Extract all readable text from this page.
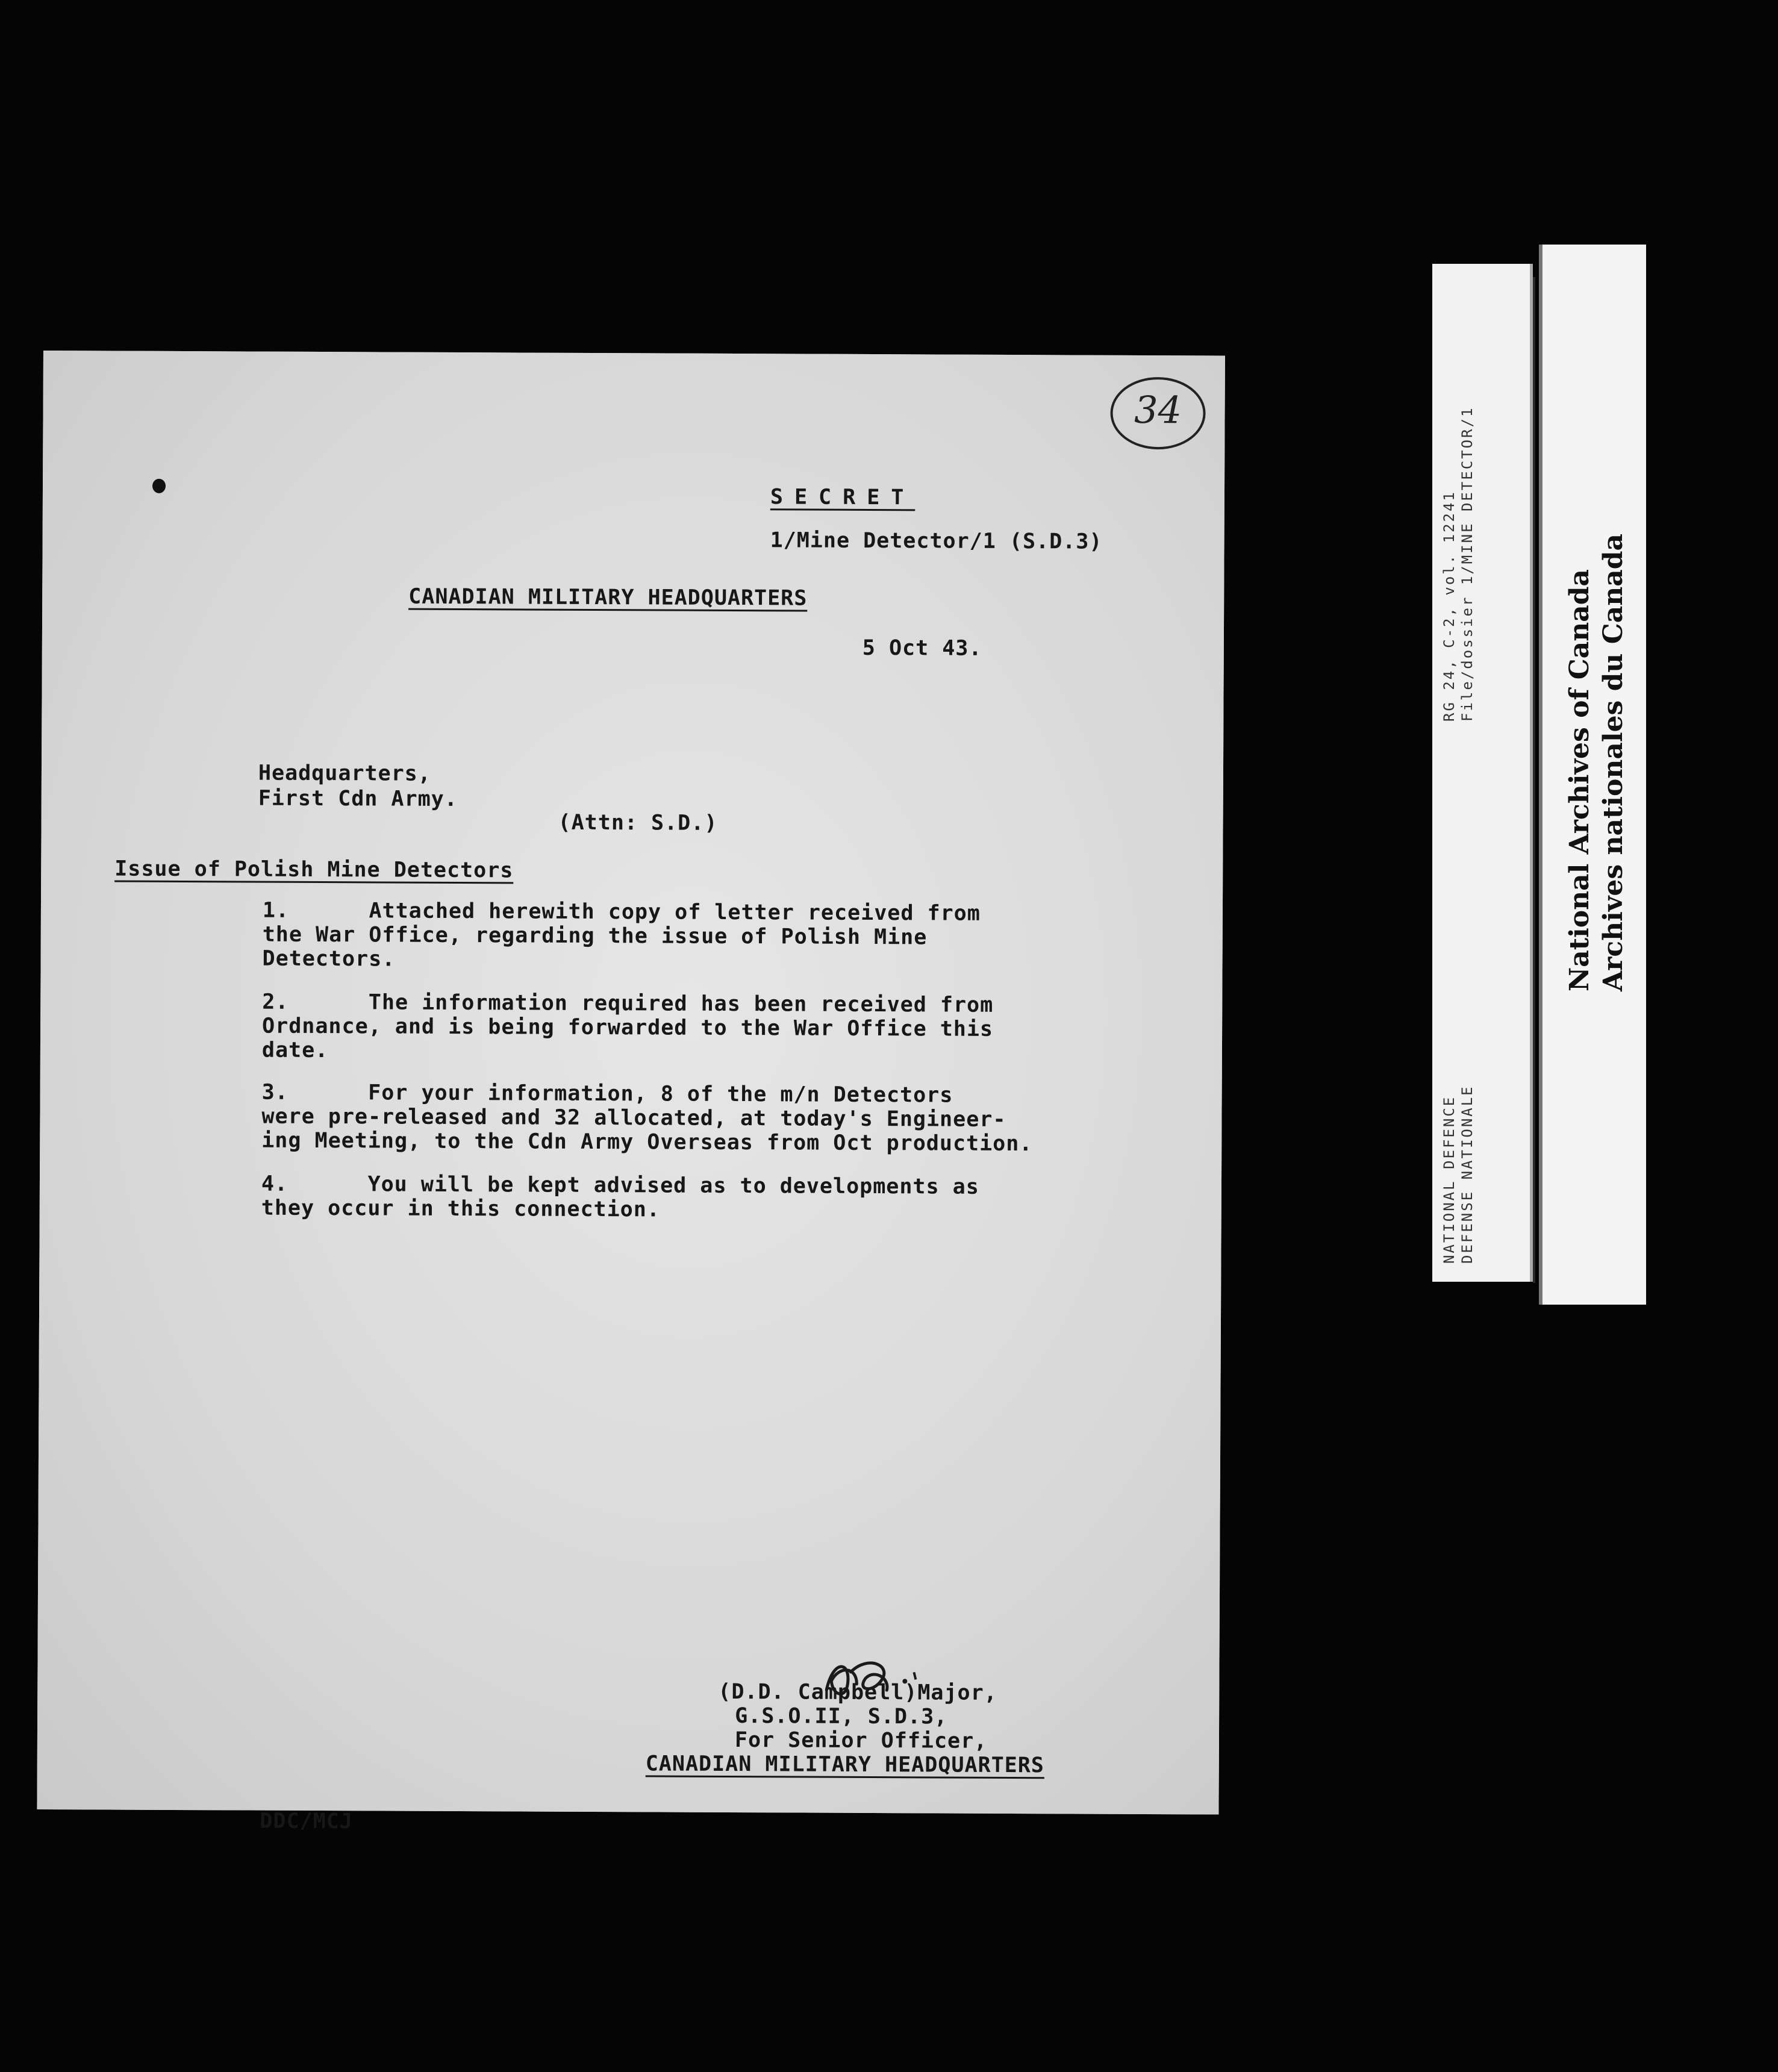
34
SECRET
1/Mine Detector/1 (S.D.3)
CANADIAN MILITARY HEADQUARTERS
5 Oct 43.
Headquarters,
First Cdn Army.
(Attn: S.D.)
Issue of Polish Mine Detectors
1.      Attached herewith copy of letter received from
the War Office, regarding the issue of Polish Mine
Detectors.
2.      The information required has been received from
Ordnance, and is being forwarded to the War Office this
date.
3.      For your information, 8 of the m/n Detectors
were pre-released and 32 allocated, at today's Engineer-
ing Meeting, to the Cdn Army Overseas from Oct production.
4.      You will be kept advised as to developments as
they occur in this connection.
(D.D. Campbell)Major,
G.S.O.II, S.D.3,
For Senior Officer,
CANADIAN MILITARY HEADQUARTERS
DDC/MCJ
RG 24, C-2, vol. 12241 File/dossier 1/MINE DETECTOR/1
NATIONAL DEFENCE DEFENSE NATIONALE
National Archives of Canada Archives nationales du Canada
